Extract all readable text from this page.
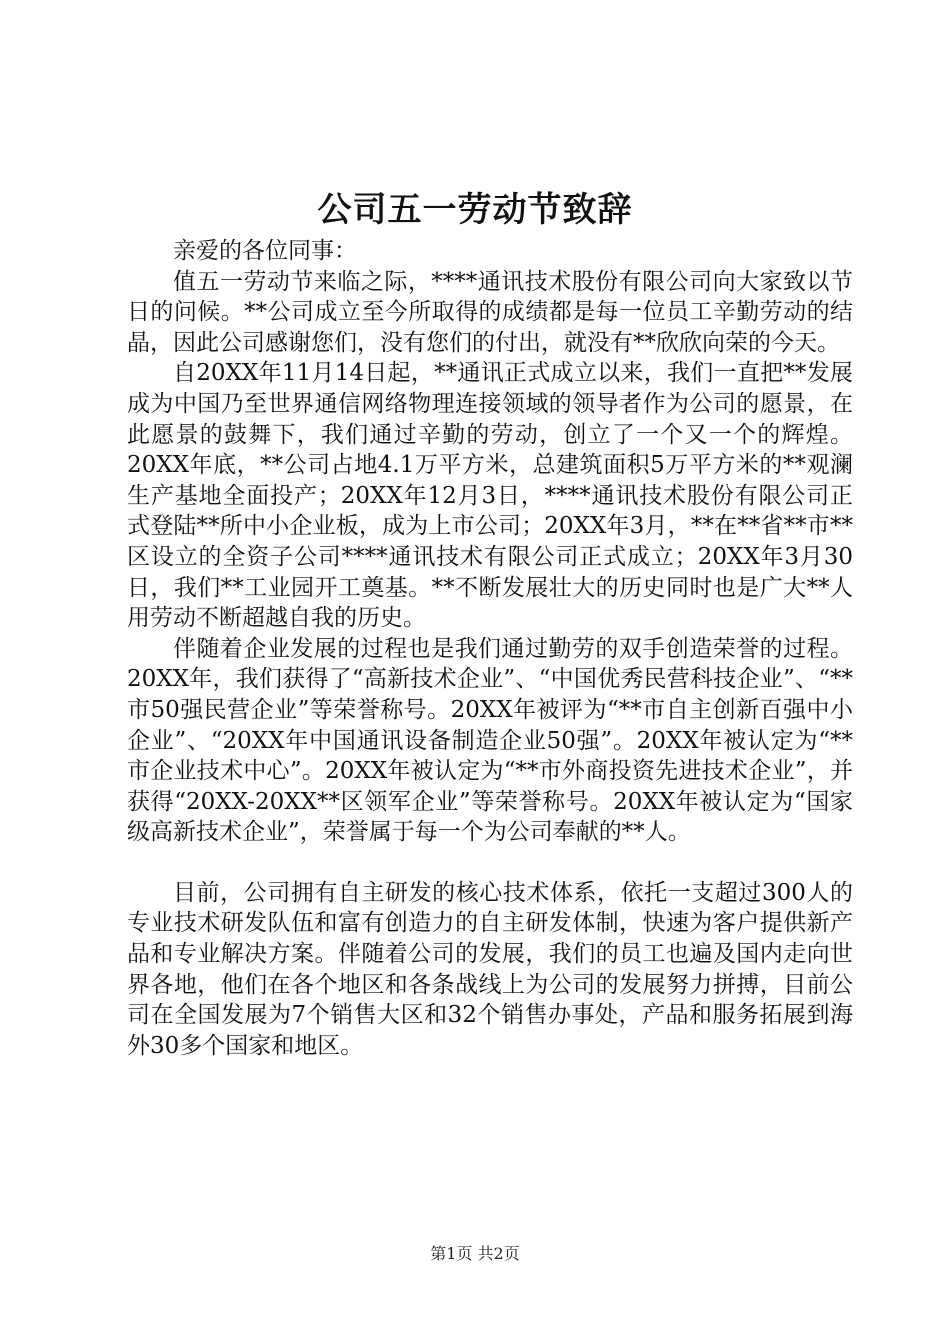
公司五一劳动节致辞

亲爱的各位同事：

值五一劳动节来临之际，****通讯技术股份有限公司向大家致以节日的问候。**公司成立至今所取得的成绩都是每一位员工辛勤劳动的结晶，因此公司感谢您们，没有您们的付出，就没有**欣欣向荣的今天。

自20XX年11月14日起，**通讯正式成立以来，我们一直把**发展成为中国乃至世界通信网络物理连接领域的领导者作为公司的愿景，在此愿景的鼓舞下，我们通过辛勤的劳动，创立了一个又一个的辉煌。20XX年底，**公司占地4.1万平方米，总建筑面积5万平方米的**观澜生产基地全面投产；20XX年12月3日，****通讯技术股份有限公司正式登陆**所中小企业板，成为上市公司；20XX年3月，**在**省**市**区设立的全资子公司****通讯技术有限公司正式成立；20XX年3月30日，我们**工业园开工奠基。**不断发展壮大的历史同时也是广大**人用劳动不断超越自我的历史。

伴随着企业发展的过程也是我们通过勤劳的双手创造荣誉的过程。20XX年，我们获得了“高新技术企业”、“中国优秀民营科技企业”、“**市50强民营企业”等荣誉称号。20XX年被评为“**市自主创新百强中小企业”、“20XX年中国通讯设备制造企业50强”。20XX年被认定为“**市企业技术中心”。20XX年被认定为“**市外商投资先进技术企业”，并获得“20XX-20XX**区领军企业”等荣誉称号。20XX年被认定为“国家级高新技术企业”，荣誉属于每一个为公司奉献的**人。

目前，公司拥有自主研发的核心技术体系，依托一支超过300人的专业技术研发队伍和富有创造力的自主研发体制，快速为客户提供新产品和专业解决方案。伴随着公司的发展，我们的员工也遍及国内走向世界各地，他们在各个地区和各条战线上为公司的发展努力拼搏，目前公司在全国发展为7个销售大区和32个销售办事处，产品和服务拓展到海外30多个国家和地区。

第1页 共2页
